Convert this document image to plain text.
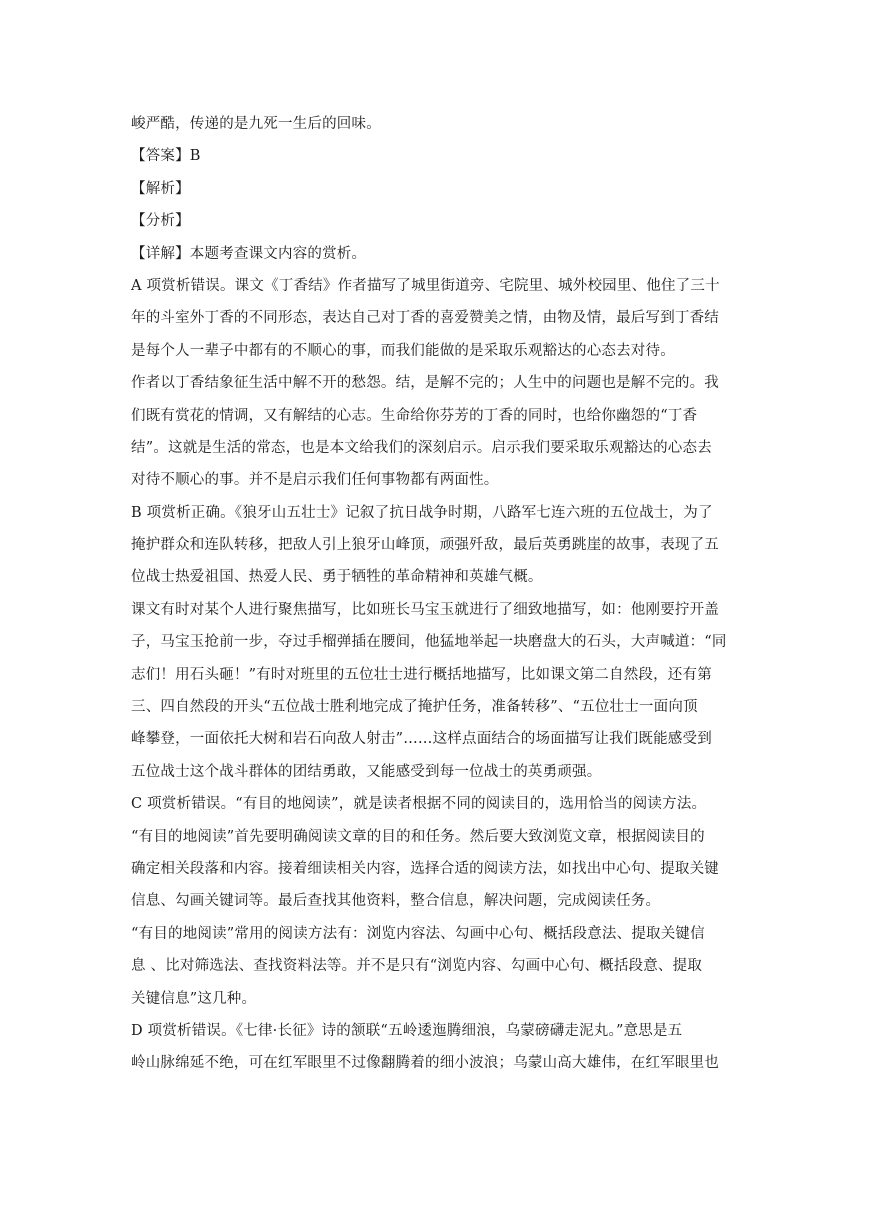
峻严酷，传递的是九死一生后的回味。
【答案】B
【解析】
【分析】
【详解】本题考查课文内容的赏析。
A 项赏析错误。课文《丁香结》作者描写了城里街道旁、宅院里、城外校园里、他住了三十
年的斗室外丁香的不同形态，表达自己对丁香的喜爱赞美之情，由物及情，最后写到丁香结
是每个人一辈子中都有的不顺心的事，而我们能做的是采取乐观豁达的心态去对待。
作者以丁香结象征生活中解不开的愁怨。结，是解不完的；人生中的问题也是解不完的。我
们既有赏花的情调，又有解结的心志。生命给你芬芳的丁香的同时，也给你幽怨的“丁香
结”。这就是生活的常态，也是本文给我们的深刻启示。启示我们要采取乐观豁达的心态去
对待不顺心的事。并不是启示我们任何事物都有两面性。
B 项赏析正确。《狼牙山五壮士》记叙了抗日战争时期，八路军七连六班的五位战士，为了
掩护群众和连队转移，把敌人引上狼牙山峰顶，顽强歼敌，最后英勇跳崖的故事，表现了五
位战士热爱祖国、热爱人民、勇于牺牲的革命精神和英雄气概。
课文有时对某个人进行聚焦描写，比如班长马宝玉就进行了细致地描写，如：他刚要拧开盖
子，马宝玉抢前一步，夺过手榴弹插在腰间，他猛地举起一块磨盘大的石头，大声喊道：“同
志们！用石头砸！”有时对班里的五位壮士进行概括地描写，比如课文第二自然段，还有第
三、四自然段的开头“五位战士胜利地完成了掩护任务，准备转移”、“五位壮士一面向顶
峰攀登，一面依托大树和岩石向敌人射击”……这样点面结合的场面描写让我们既能感受到
五位战士这个战斗群体的团结勇敢，又能感受到每一位战士的英勇顽强。
C 项赏析错误。“有目的地阅读”，就是读者根据不同的阅读目的，选用恰当的阅读方法。
“有目的地阅读”首先要明确阅读文章的目的和任务。然后要大致浏览文章，根据阅读目的
确定相关段落和内容。接着细读相关内容，选择合适的阅读方法，如找出中心句、提取关键
信息、勾画关键词等。最后查找其他资料，整合信息，解决问题，完成阅读任务。
“有目的地阅读”常用的阅读方法有：浏览内容法、勾画中心句、概括段意法、提取关键信
息 、比对筛选法、查找资料法等。并不是只有“浏览内容、勾画中心句、概括段意、提取
关键信息”这几种。
D 项赏析错误。《七律·长征》诗的颔联“五岭逶迤腾细浪，乌蒙磅礴走泥丸。”意思是五
岭山脉绵延不绝，可在红军眼里不过像翻腾着的细小波浪；乌蒙山高大雄伟，在红军眼里也
